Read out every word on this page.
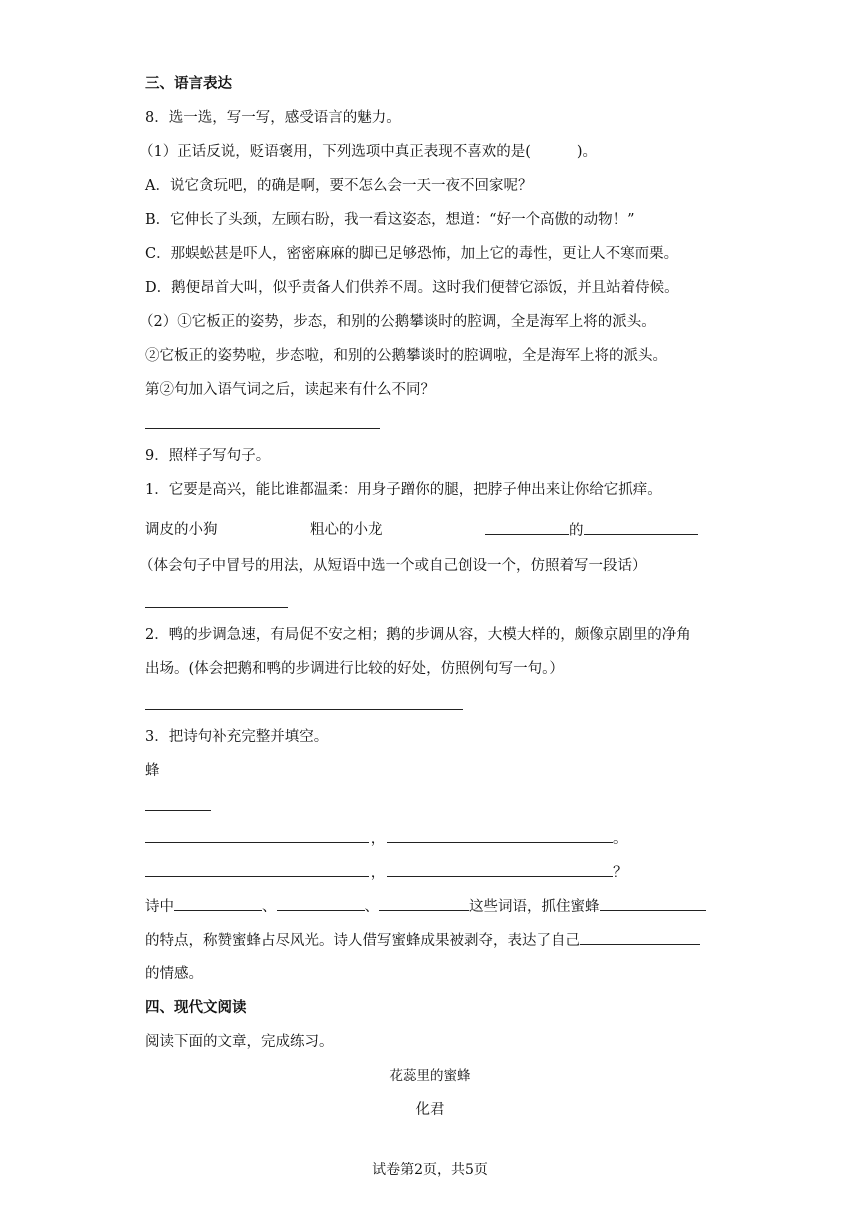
三、语言表达
8．选一选，写一写，感受语言的魅力。
（1）正话反说，贬语褒用，下列选项中真正表现不喜欢的是(	)。
A．说它贪玩吧，的确是啊，要不怎么会一天一夜不回家呢？
B．它伸长了头颈，左顾右盼，我一看这姿态，想道：“好一个高傲的动物！”
C．那蜈蚣甚是吓人，密密麻麻的脚已足够恐怖，加上它的毒性，更让人不寒而栗。
D．鹅便昂首大叫，似乎责备人们供养不周。这时我们便替它添饭，并且站着侍候。
（2）①它板正的姿势，步态，和别的公鹅攀谈时的腔调，全是海军上将的派头。
②它板正的姿势啦，步态啦，和别的公鹅攀谈时的腔调啦，全是海军上将的派头。
第②句加入语气词之后，读起来有什么不同？
9．照样子写句子。
1．它要是高兴，能比谁都温柔：用身子蹭你的腿，把脖子伸出来让你给它抓痒。
调皮的小狗	粗心的小龙	的
（体会句子中冒号的用法，从短语中选一个或自己创设一个，仿照着写一段话）
2．鸭的步调急速，有局促不安之相；鹅的步调从容，大模大样的，颇像京剧里的净角
出场。(体会把鹅和鸭的步调进行比较的好处，仿照例句写一句。）
3．把诗句补充完整并填空。
蜂
，	。
，	？
诗中	、	、	这些词语，抓住蜜蜂
的特点，称赞蜜蜂占尽风光。诗人借写蜜蜂成果被剥夺，表达了自己
的情感。
四、现代文阅读
阅读下面的文章，完成练习。
花蕊里的蜜蜂
化君
试卷第2页，共5页
